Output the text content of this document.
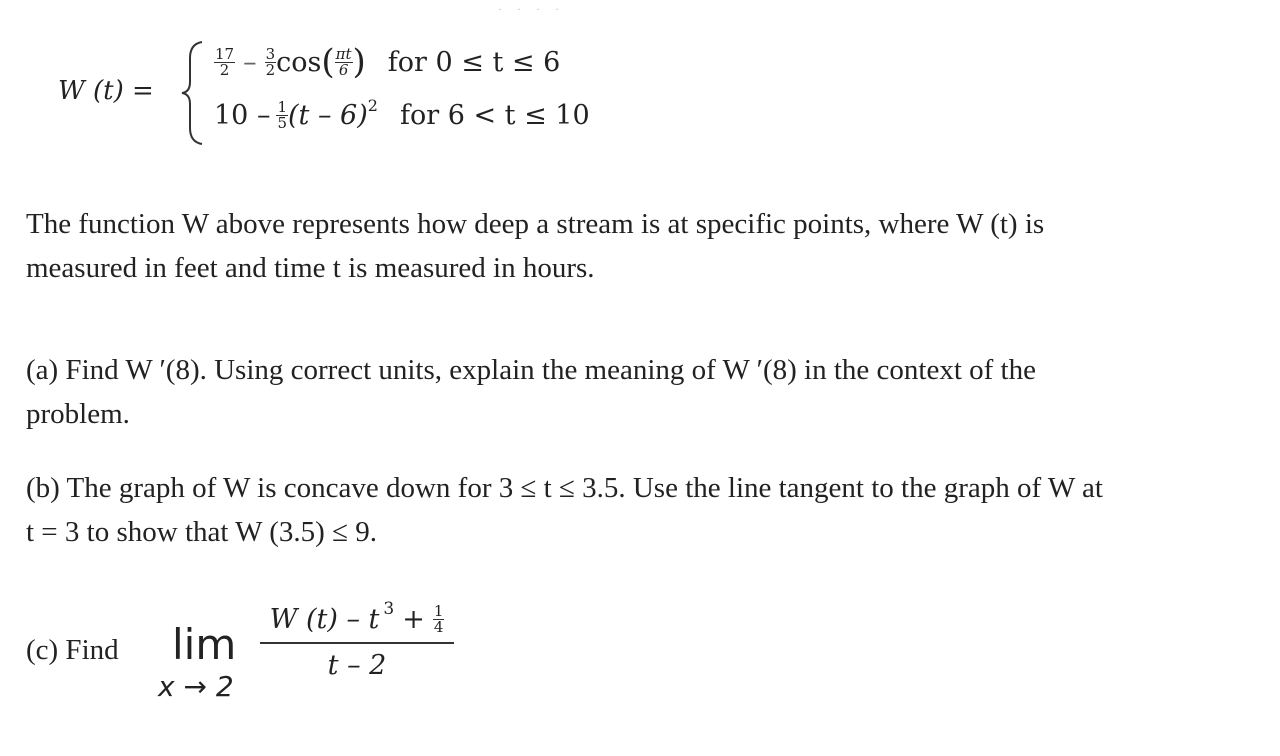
· · · ·
W (t) =
$\frac{17}{2} - \frac{3}{2}$ cos ( $\frac{\pi t}{6}$ ) for 0 ≤ t ≤ 6
$10 - \frac{1}{5} (t - 6)^2$ for 6 < t ≤ 10
The function W above represents how deep a stream is at specific points, where W (t) is
measured in feet and time t is measured in hours.
(a) Find W ′(8). Using correct units, explain the meaning of W ′(8) in the context of the
problem.
(b) The graph of W is concave down for 3 ≤ t ≤ 3.5. Use the line tangent to the graph of W at
t = 3 to show that W (3.5) ≤ 9.
(c) Find lim
x → 2
W $(t) - t^3 + \frac{1}{4}$
t – 2
